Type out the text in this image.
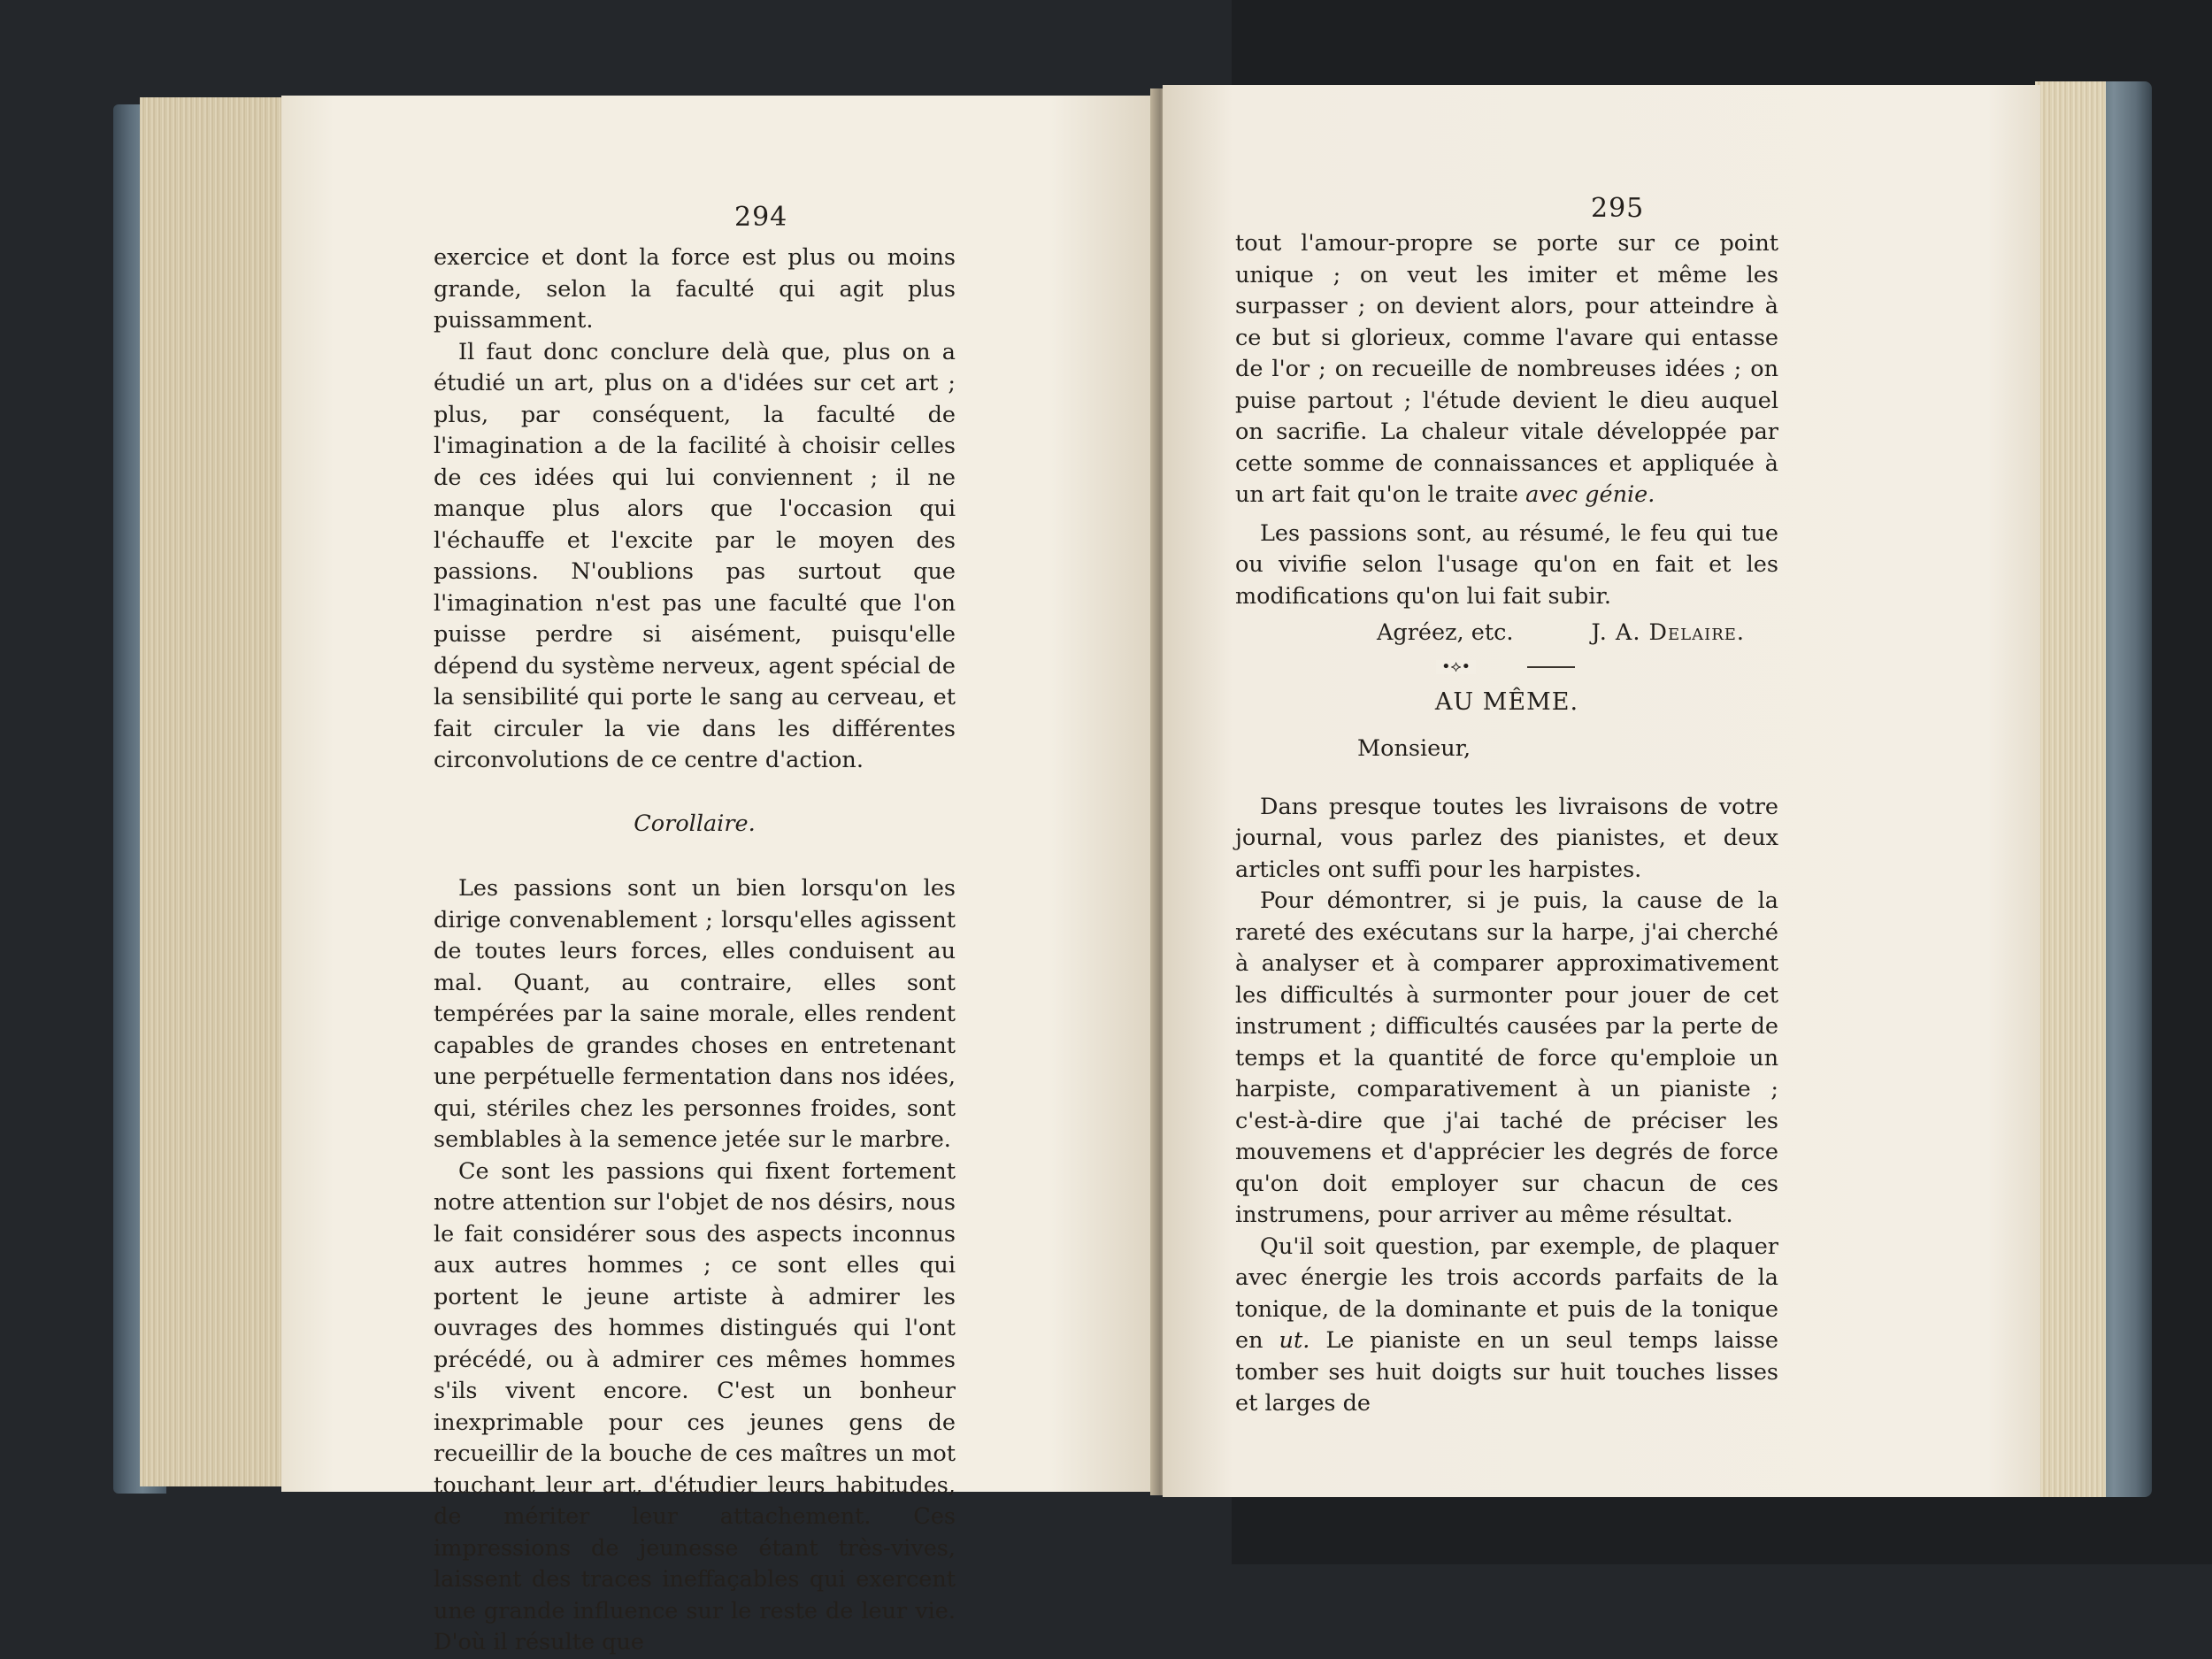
294

exercice et dont la force est plus ou moins grande, selon la faculté qui agit plus puissamment.

Il faut donc conclure delà que, plus on a étudié un art, plus on a d'idées sur cet art ; plus, par conséquent, la faculté de l'imagination a de la facilité à choisir celles de ces idées qui lui conviennent ; il ne manque plus alors que l'occasion qui l'échauffe et l'excite par le moyen des passions. N'oublions pas surtout que l'imagination n'est pas une faculté que l'on puisse perdre si aisément, puisqu'elle dépend du système nerveux, agent spécial de la sensibilité qui porte le sang au cerveau, et fait circuler la vie dans les différentes circonvolutions de ce centre d'action.

Corollaire.

Les passions sont un bien lorsqu'on les dirige convenablement ; lorsqu'elles agissent de toutes leurs forces, elles conduisent au mal. Quant, au contraire, elles sont tempérées par la saine morale, elles rendent capables de grandes choses en entretenant une perpétuelle fermentation dans nos idées, qui, stériles chez les personnes froides, sont semblables à la semence jetée sur le marbre.

Ce sont les passions qui fixent fortement notre attention sur l'objet de nos désirs, nous le fait considérer sous des aspects inconnus aux autres hommes ; ce sont elles qui portent le jeune artiste à admirer les ouvrages des hommes distingués qui l'ont précédé, ou à admirer ces mêmes hommes s'ils vivent encore. C'est un bonheur inexprimable pour ces jeunes gens de recueillir de la bouche de ces maîtres un mot touchant leur art, d'étudier leurs habitudes, de mériter leur attachement. Ces impressions de jeunesse étant très-vives, laissent des traces ineffaçables qui exercent une grande influence sur le reste de leur vie. D'où il résulte que

295

tout l'amour-propre se porte sur ce point unique ; on veut les imiter et même les surpasser ; on devient alors, pour atteindre à ce but si glorieux, comme l'avare qui entasse de l'or ; on recueille de nombreuses idées ; on puise partout ; l'étude devient le dieu auquel on sacrifie. La chaleur vitale développée par cette somme de connaissances et appliquée à un art fait qu'on le traite avec génie.

Les passions sont, au résumé, le feu qui tue ou vivifie selon l'usage qu'on en fait et les modifications qu'on lui fait subir.

Agréez, etc.	J. A. Delaire.
•⟡•
AU MÊME.
Monsieur,

Dans presque toutes les livraisons de votre journal, vous parlez des pianistes, et deux articles ont suffi pour les harpistes.

Pour démontrer, si je puis, la cause de la rareté des exécutans sur la harpe, j'ai cherché à analyser et à comparer approximativement les difficultés à surmonter pour jouer de cet instrument ; difficultés causées par la perte de temps et la quantité de force qu'emploie un harpiste, comparativement à un pianiste ; c'est-à-dire que j'ai taché de préciser les mouvemens et d'apprécier les degrés de force qu'on doit employer sur chacun de ces instrumens, pour arriver au même résultat.

Qu'il soit question, par exemple, de plaquer avec énergie les trois accords parfaits de la tonique, de la dominante et puis de la tonique en ut. Le pianiste en un seul temps laisse tomber ses huit doigts sur huit touches lisses et larges de
